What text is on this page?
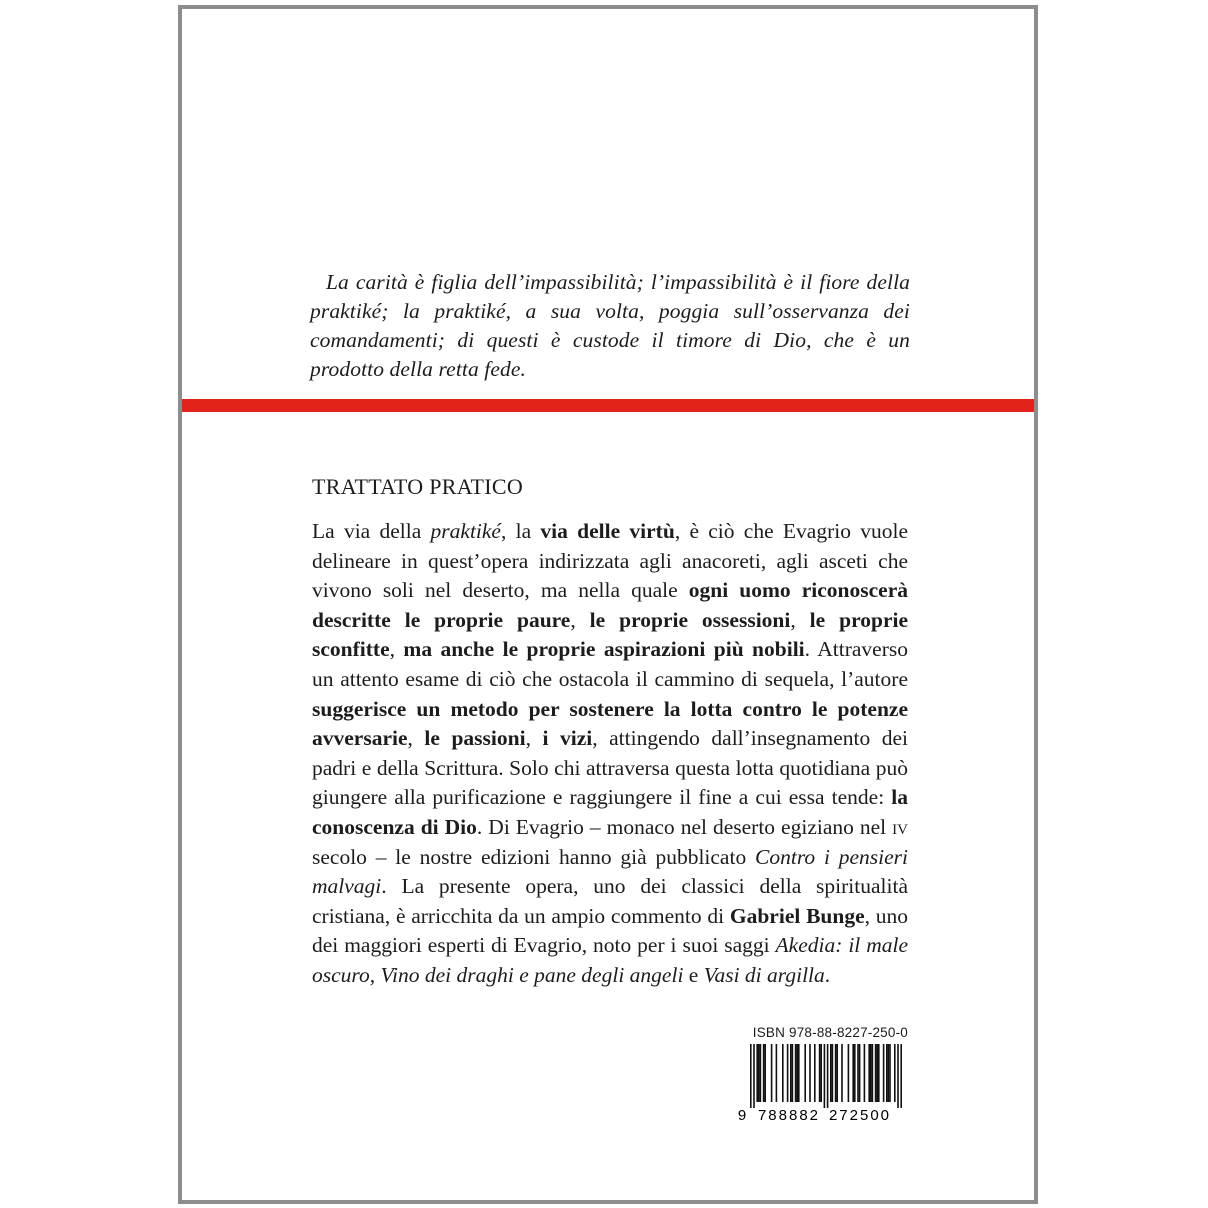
La carità è figlia dell’impassibilità; l’impassibilità è il fiore della praktiké; la praktiké, a sua volta, poggia sull’osservanza dei comandamenti; di questi è custode il timore di Dio, che è un prodotto della retta fede.

TRATTATO PRATICO

La via della praktiké, la via delle virtù, è ciò che Evagrio vuole delineare in quest’opera indirizzata agli anacoreti, agli asceti che vivono soli nel deserto, ma nella quale ogni uomo riconoscerà descritte le proprie paure, le proprie ossessioni, le proprie sconfitte, ma anche le proprie aspirazioni più nobili. Attraverso un attento esame di ciò che ostacola il cammino di sequela, l’autore suggerisce un metodo per sostenere la lotta contro le potenze avversarie, le passioni, i vizi, attingendo dall’insegnamento dei padri e della Scrittura. Solo chi attraversa questa lotta quotidiana può giungere alla purificazione e raggiungere il fine a cui essa tende: la conoscenza di Dio. Di Evagrio – monaco nel deserto egiziano nel iv secolo – le nostre edizioni hanno già pubblicato Contro i pensieri malvagi. La presente opera, uno dei classici della spiritualità cristiana, è arricchita da un ampio commento di Gabriel Bunge, uno dei maggiori esperti di Evagrio, noto per i suoi saggi Akedia: il male oscuro, Vino dei draghi e pane degli angeli e Vasi di argilla.

ISBN 978-88-8227-250-0
9 788882 272500
